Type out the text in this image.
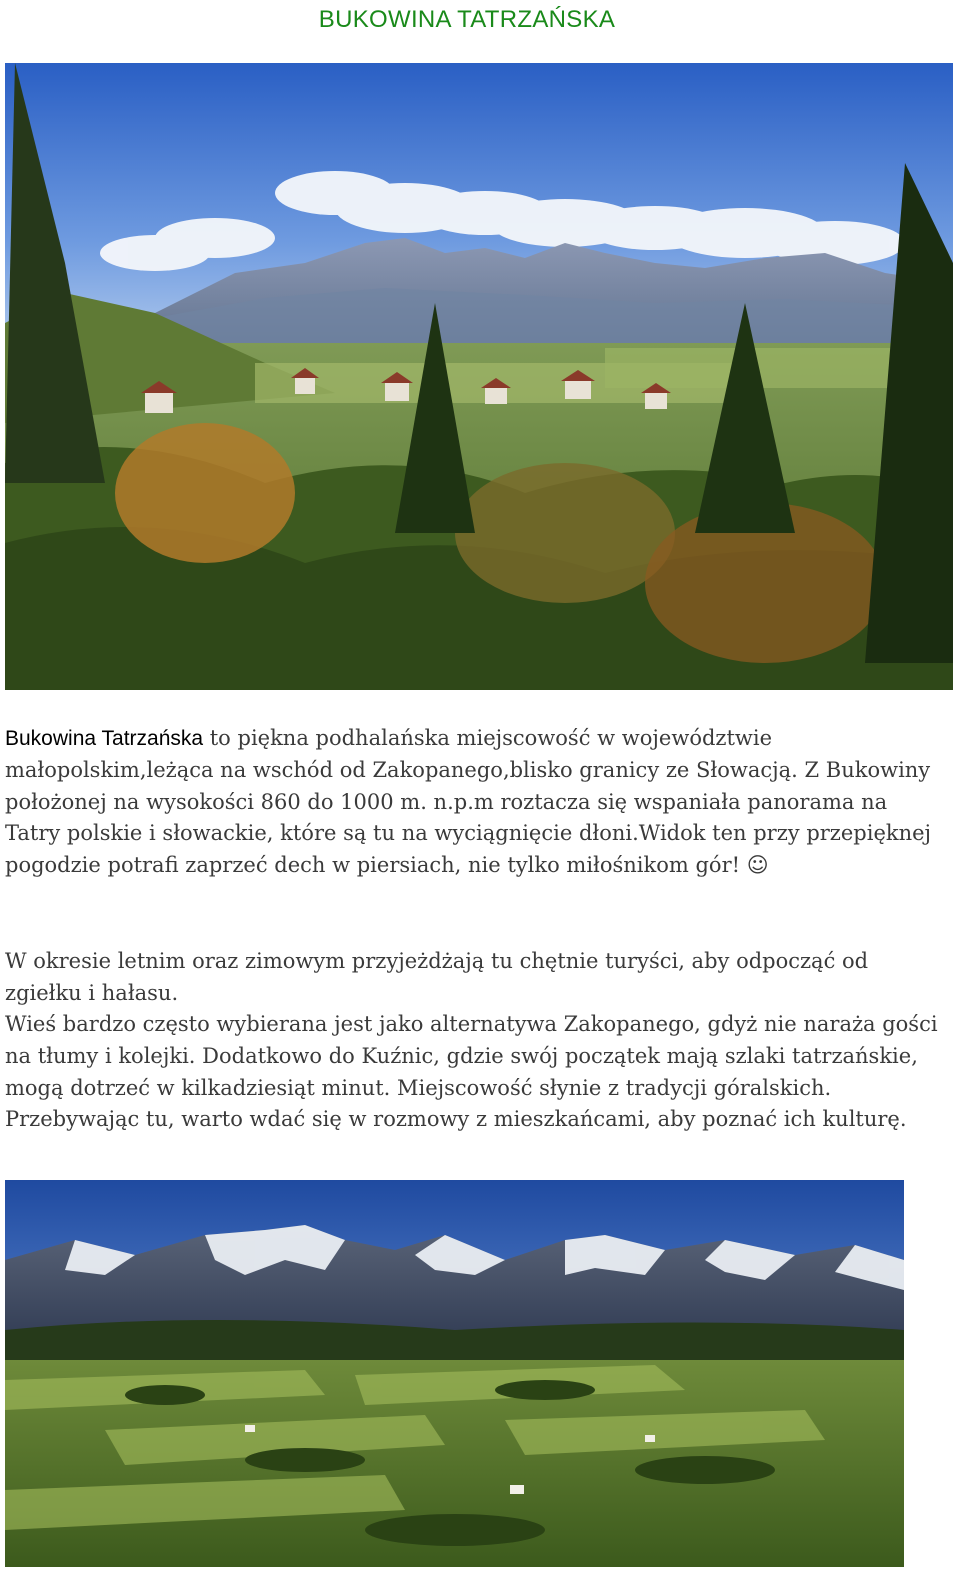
BUKOWINA TATRZAŃSKA

Bukowina Tatrzańska to piękna podhalańska miejscowość w województwie małopolskim,leżąca na wschód od Zakopanego,blisko granicy ze Słowacją. Z Bukowiny położonej na wysokości 860 do 1000 m. n.p.m roztacza się wspaniała panorama na Tatry polskie i słowackie, które są tu na wyciągnięcie dłoni.Widok ten przy przepięknej pogodzie potrafi zaprzeć dech w piersiach, nie tylko miłośnikom gór! ☺

W okresie letnim oraz zimowym przyjeżdżają tu chętnie turyści, aby odpocząć od zgiełku i hałasu.

Wieś bardzo często wybierana jest jako alternatywa Zakopanego, gdyż nie naraża gości na tłumy i kolejki. Dodatkowo do Kuźnic, gdzie swój początek mają szlaki tatrzańskie, mogą dotrzeć w kilkadziesiąt minut. Miejscowość słynie z tradycji góralskich. Przebywając tu, warto wdać się w rozmowy z mieszkańcami, aby poznać ich kulturę.
